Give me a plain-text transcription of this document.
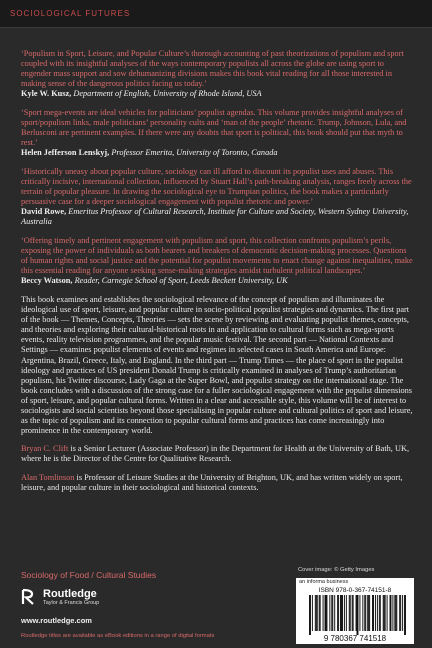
SOCIOLOGICAL FUTURES

‘Populism in Sport, Leisure, and Popular Culture’s thorough accounting of past theorizations of populism and sport coupled with its insightful analyses of the ways contemporary populists all across the globe are using sport to engender mass support and sow dehumanizing divisions makes this book vital reading for all those interested in making sense of the dangerous politics facing us today.’

Kyle W. Kusz, Department of English, University of Rhode Island, USA

‘Sport mega-events are ideal vehicles for politicians’ populist agendas. This volume provides insightful analyses of sport/populism links, male politicians’ personality cults and ‘man of the people’ rhetoric. Trump, Johnson, Lula, and Berlusconi are pertinent examples. If there were any doubts that sport is political, this book should put that myth to rest.’

Helen Jefferson Lenskyj, Professor Emerita, University of Toronto, Canada

‘Historically uneasy about popular culture, sociology can ill afford to discount its populist uses and abuses. This critically incisive, international collection, influenced by Stuart Hall’s path-breaking analysis, ranges freely across the terrain of popular pleasure. In drawing the sociological eye to Trumpian politics, the book makes a particularly persuasive case for a deeper sociological engagement with populist rhetoric and power.’

David Rowe, Emeritus Professor of Cultural Research, Institute for Culture and Society, Western Sydney University, Australia

‘Offering timely and pertinent engagement with populism and sport, this collection confronts populism’s perils, exposing the power of individuals as both bearers and breakers of democratic decision-making processes. Questions of human rights and social justice and the potential for populist movements to enact change against inequalities, make this essential reading for anyone seeking sense-making strategies amidst turbulent political landscapes.’

Beccy Watson, Reader, Carnegie School of Sport, Leeds Beckett University, UK

This book examines and establishes the sociological relevance of the concept of populism and illuminates the ideological use of sport, leisure, and popular culture in socio-political populist strategies and dynamics. The first part of the book — Themes, Concepts, Theories — sets the scene by reviewing and evaluating populist themes, concepts, and theories and exploring their cultural-historical roots in and application to cultural forms such as mega-sports events, reality television programmes, and the popular music festival. The second part — National Contexts and Settings — examines populist elements of events and regimes in selected cases in South America and Europe: Argentina, Brazil, Greece, Italy, and England. In the third part — Trump Times — the place of sport in the populist ideology and practices of US president Donald Trump is critically examined in analyses of Trump’s authoritarian populism, his Twitter discourse, Lady Gaga at the Super Bowl, and populist strategy on the international stage. The book concludes with a discussion of the strong case for a fuller sociological engagement with the populist dimensions of sport, leisure, and popular cultural forms. Written in a clear and accessible style, this volume will be of interest to sociologists and social scientists beyond those specialising in popular culture and cultural politics of sport and leisure, as the topic of populism and its connection to popular cultural forms and practices has come increasingly into prominence in the contemporary world.
Bryan C. Clift is a Senior Lecturer (Associate Professor) in the Department for Health at the University of Bath, UK, where he is the Director of the Centre for Qualitative Research.
Alan Tomlinson is Professor of Leisure Studies at the University of Brighton, UK, and has written widely on sport, leisure, and popular culture in their sociological and historical contexts.
Sociology of Food / Cultural Studies

Routledge
Taylor & Francis Group
www.routledge.com
Routledge titles are available as eBook editions in a range of digital formats
Cover image: © Getty Images
an informa business
ISBN 978-0-367-74151-8
9 780367 741518
